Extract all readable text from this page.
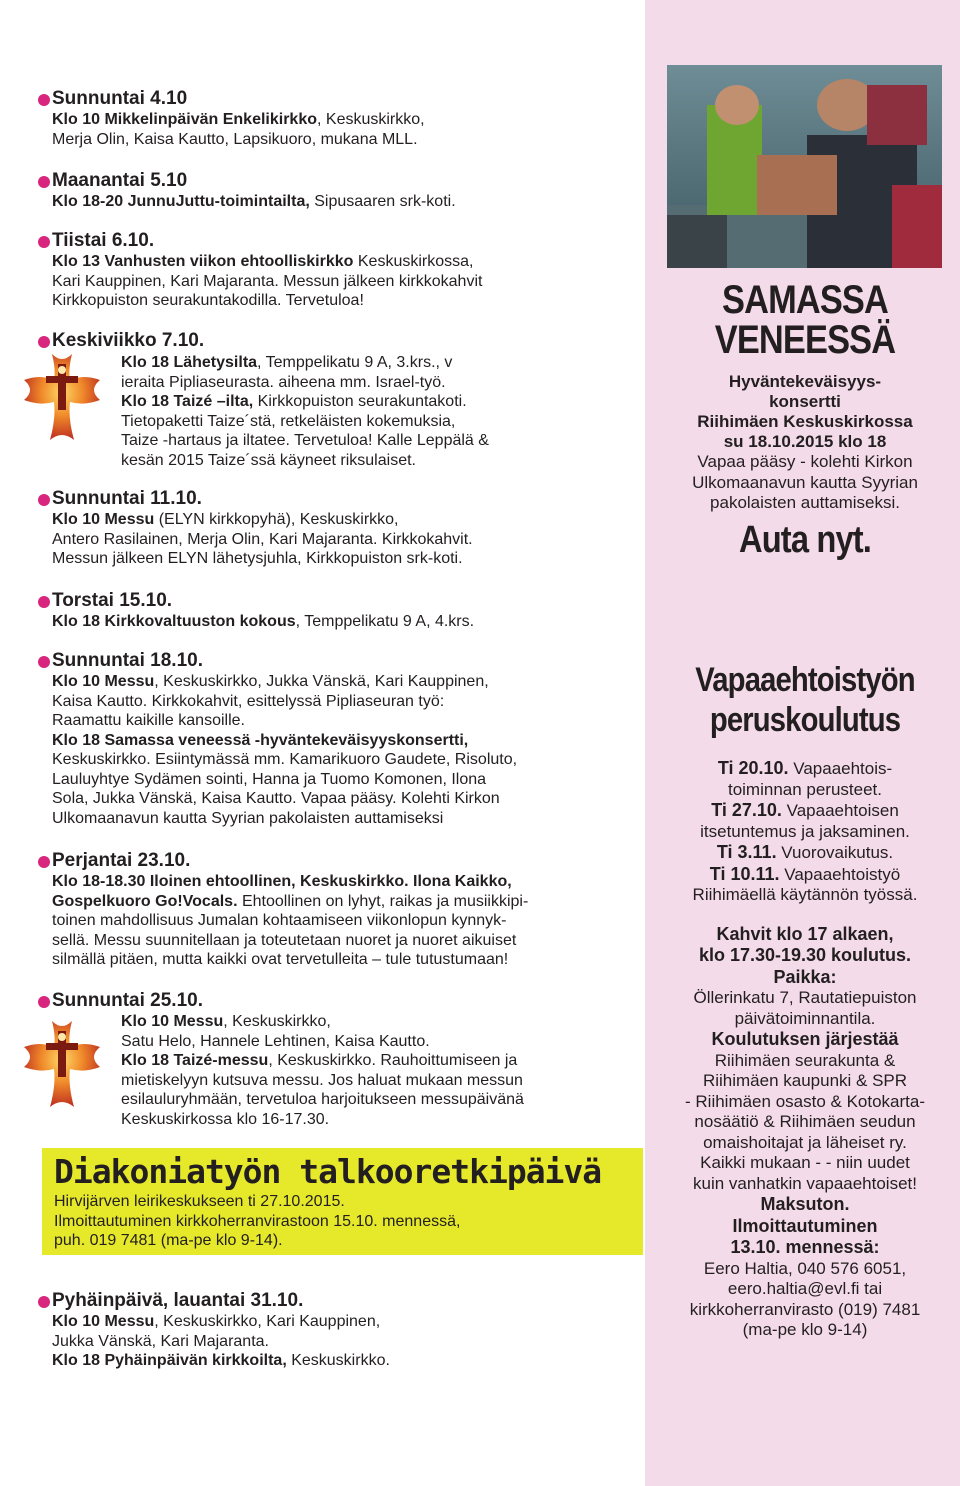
Sunnuntai 4.10
Klo 10 Mikkelinpäivän Enkelikirkko, Keskuskirkko,
Merja Olin, Kaisa Kautto, Lapsikuoro, mukana MLL.
Maanantai 5.10
Klo 18-20 JunnuJuttu-toimintailta, Sipusaaren srk-koti.
Tiistai 6.10.
Klo 13 Vanhusten viikon ehtoolliskirkko Keskuskirkossa,
Kari Kauppinen, Kari Majaranta. Messun jälkeen kirkkokahvit
Kirkkopuiston seurakuntakodilla. Tervetuloa!
Keskiviikko 7.10.
Klo 18 Lähetysilta, Temppelikatu 9 A, 3.krs., v
ieraita Pipliaseurasta. aiheena mm. Israel-työ.
Klo 18 Taizé –ilta, Kirkkopuiston seurakuntakoti.
Tietopaketti Taize´stä, retkeläisten kokemuksia,
Taize -hartaus ja iltatee. Tervetuloa! Kalle Leppälä &
kesän 2015 Taize´ssä käyneet riksulaiset.
Sunnuntai 11.10.
Klo 10 Messu (ELYN kirkkopyhä), Keskuskirkko,
Antero Rasilainen, Merja Olin, Kari Majaranta. Kirkkokahvit.
Messun jälkeen ELYN lähetysjuhla, Kirkkopuiston srk-koti.
Torstai 15.10.
Klo 18 Kirkkovaltuuston kokous, Temppelikatu 9 A, 4.krs.
Sunnuntai 18.10.
Klo 10 Messu, Keskuskirkko, Jukka Vänskä, Kari Kauppinen,
Kaisa Kautto. Kirkkokahvit, esittelyssä Pipliaseuran työ:
Raamattu kaikille kansoille.
Klo 18 Samassa veneessä -hyväntekeväisyyskonsertti,
Keskuskirkko. Esiintymässä mm. Kamarikuoro Gaudete, Risoluto,
Lauluyhtye Sydämen sointi, Hanna ja Tuomo Komonen, Ilona
Sola, Jukka Vänskä, Kaisa Kautto. Vapaa pääsy. Kolehti Kirkon
Ulkomaanavun kautta Syyrian pakolaisten auttamiseksi
Perjantai 23.10.
Klo 18-18.30 Iloinen ehtoollinen, Keskuskirkko. Ilona Kaikko,
Gospelkuoro Go!Vocals. Ehtoollinen on lyhyt, raikas ja musiikkipi-
toinen mahdollisuus Jumalan kohtaamiseen viikonlopun kynnyk-
sellä. Messu suunnitellaan ja toteutetaan nuoret ja nuoret aikuiset
silmällä pitäen, mutta kaikki ovat tervetulleita – tule tutustumaan!
Sunnuntai 25.10.
Klo 10 Messu, Keskuskirkko,
Satu Helo, Hannele Lehtinen, Kaisa Kautto.
Klo 18 Taizé-messu, Keskuskirkko. Rauhoittumiseen ja
mietiskelyyn kutsuva messu. Jos haluat mukaan messun
esilauluryhmään, tervetuloa harjoitukseen messupäivänä
Keskuskirkossa klo 16-17.30.
Diakoniatyön talkooretkipäivä
Hirvijärven leirikeskukseen ti 27.10.2015.
Ilmoittautuminen kirkkoherranvirastoon 15.10. mennessä,
puh. 019 7481 (ma-pe klo 9-14).
Pyhäinpäivä, lauantai 31.10.
Klo 10 Messu, Keskuskirkko, Kari Kauppinen,
Jukka Vänskä, Kari Majaranta.
Klo 18 Pyhäinpäivän kirkkoilta, Keskuskirkko.
SAMASSA
VENEESSÄ
Hyväntekeväisyys-
konsertti
Riihimäen Keskuskirkossa
su 18.10.2015 klo 18
Vapaa pääsy - kolehti Kirkon
Ulkomaanavun kautta Syyrian
pakolaisten auttamiseksi.
Auta nyt.
Vapaaehtoistyön
peruskoulutus
Ti 20.10. Vapaaehtois-
toiminnan perusteet.
Ti 27.10. Vapaaehtoisen
itsetuntemus ja jaksaminen.
Ti 3.11. Vuorovaikutus.
Ti 10.11. Vapaaehtoistyö
Riihimäellä käytännön työssä.
Kahvit klo 17 alkaen,
klo 17.30-19.30 koulutus.
Paikka:
Öllerinkatu 7, Rautatiepuiston
päivätoiminnantila.
Koulutuksen järjestää
Riihimäen seurakunta &
Riihimäen kaupunki & SPR
- Riihimäen osasto & Kotokarta-
nosäätiö & Riihimäen seudun
omaishoitajat ja läheiset ry.
Kaikki mukaan - - niin uudet
kuin vanhatkin vapaaehtoiset!
Maksuton.
Ilmoittautuminen
13.10. mennessä:
Eero Haltia, 040 576 6051,
eero.haltia@evl.fi tai
kirkkoherranvirasto (019) 7481
(ma-pe klo 9-14)
